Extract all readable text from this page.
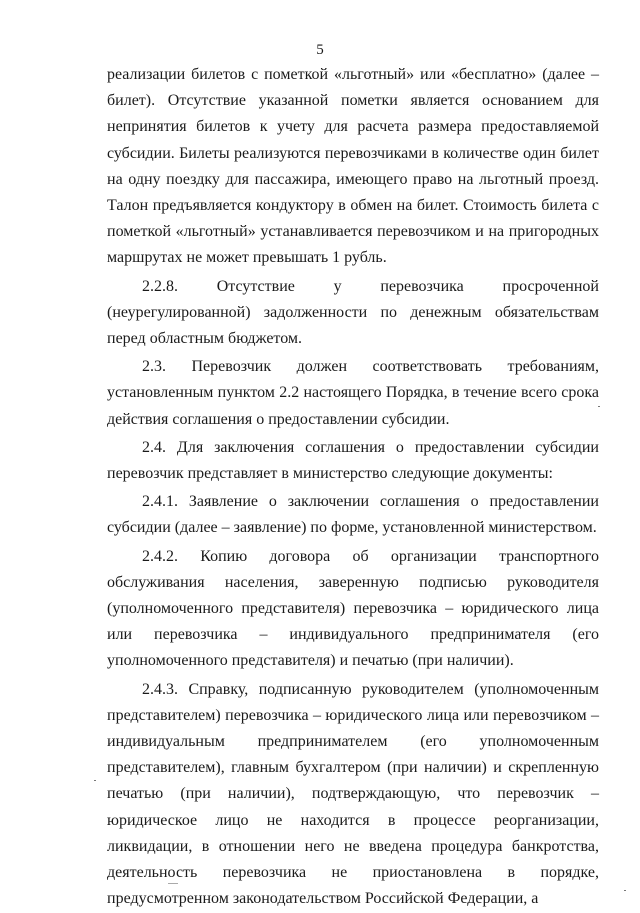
5

реализации билетов с пометкой «льготный» или «бесплатно» (далее – билет). Отсутствие указанной пометки является основанием для непринятия билетов к учету для расчета размера предоставляемой субсидии. Билеты реализуются перевозчиками в количестве один билет на одну поездку для пассажира, имеющего право на льготный проезд. Талон предъявляется кондуктору в обмен на билет. Стоимость билета с пометкой «льготный» устанавливается перевозчиком и на пригородных маршрутах не может превышать 1 рубль.

2.2.8. Отсутствие у перевозчика просроченной (неурегулированной) задолженности по денежным обязательствам перед областным бюджетом.

2.3. Перевозчик должен соответствовать требованиям, установленным пунктом 2.2 настоящего Порядка, в течение всего срока действия соглашения о предоставлении субсидии.

2.4. Для заключения соглашения о предоставлении субсидии перевозчик представляет в министерство следующие документы:

2.4.1. Заявление о заключении соглашения о предоставлении субсидии (далее – заявление) по форме, установленной министерством.

2.4.2. Копию договора об организации транспортного обслуживания населения, заверенную подписью руководителя (уполномоченного представителя) перевозчика – юридического лица или перевозчика – индивидуального предпринимателя (его уполномоченного представителя) и печатью (при наличии).

2.4.3. Справку, подписанную руководителем (уполномоченным представителем) перевозчика – юридического лица или перевозчиком – индивидуальным предпринимателем (его уполномоченным представителем), главным бухгалтером (при наличии) и скрепленную печатью (при наличии), подтверждающую, что перевозчик – юридическое лицо не находится в процессе реорганизации, ликвидации, в отношении него не введена процедура банкротства, деятельность перевозчика не приостановлена в порядке, предусмотренном законодательством Российской Федерации, а
